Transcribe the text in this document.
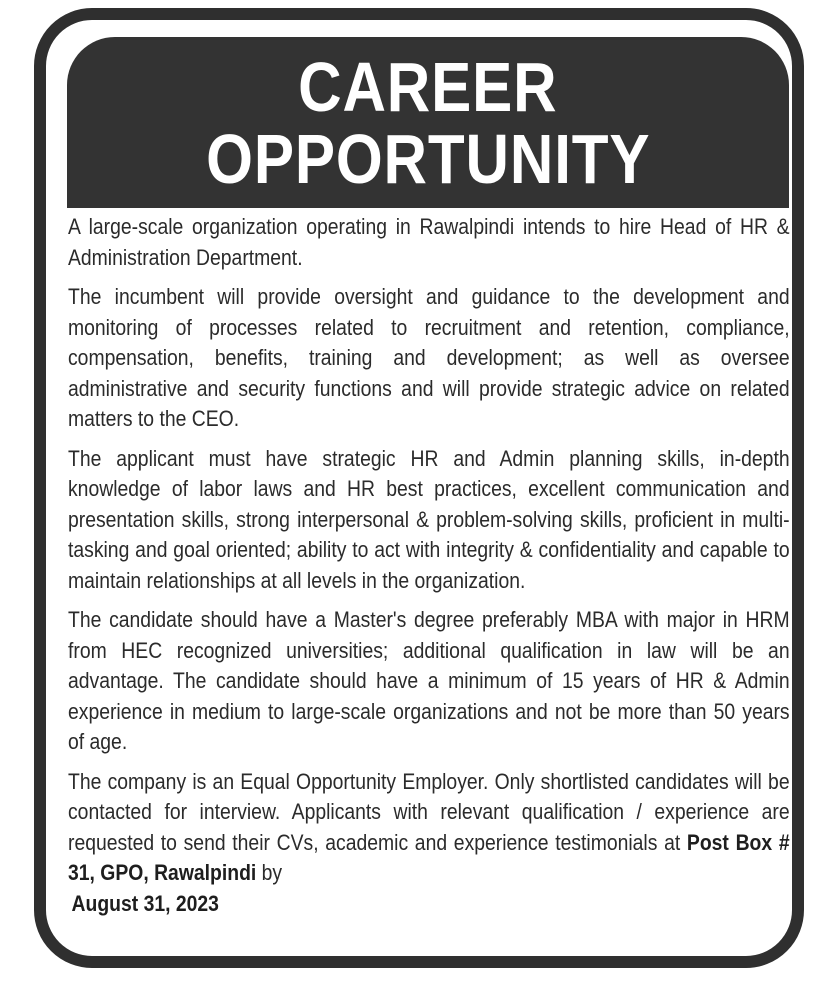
CAREER
OPPORTUNITY

A large-scale organization operating in Rawalpindi intends to hire Head of HR & Administration Department.

The incumbent will provide oversight and guidance to the development and monitoring of processes related to recruitment and retention, compliance, compensation, benefits, training and development; as well as oversee administrative and security functions and will provide strategic advice on related matters to the CEO.

The applicant must have strategic HR and Admin planning skills, in-depth knowledge of labor laws and HR best practices, excellent communication and presentation skills, strong interpersonal & problem-solving skills, proficient in multi-tasking and goal oriented; ability to act with integrity & confidentiality and capable to maintain relationships at all levels in the organization.

The candidate should have a Master's degree preferably MBA with major in HRM from HEC recognized universities; additional qualification in law will be an advantage. The candidate should have a minimum of 15 years of HR & Admin experience in medium to large-scale organizations and not be more than 50 years of age.

The company is an Equal Opportunity Employer. Only shortlisted candidates will be contacted for interview. Applicants with relevant qualification / experience are requested to send their CVs, academic and experience testimonials at Post Box # 31, GPO, Rawalpindi by
August 31, 2023
